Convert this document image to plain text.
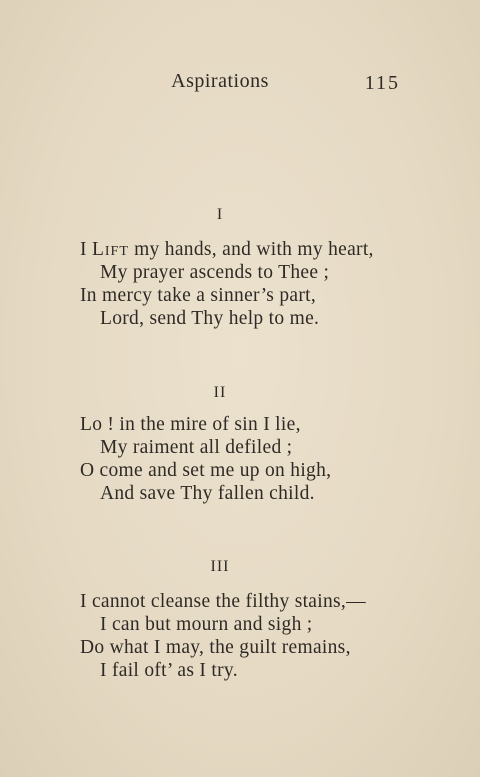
Aspirations	115
I
I Lift my hands, and with my heart,
My prayer ascends to Thee ;
In mercy take a sinner’s part,
Lord, send Thy help to me.
II
Lo ! in the mire of sin I lie,
My raiment all defiled ;
O come and set me up on high,
And save Thy fallen child.
III
I cannot cleanse the filthy stains,—
I can but mourn and sigh ;
Do what I may, the guilt remains,
I fail oft’ as I try.
